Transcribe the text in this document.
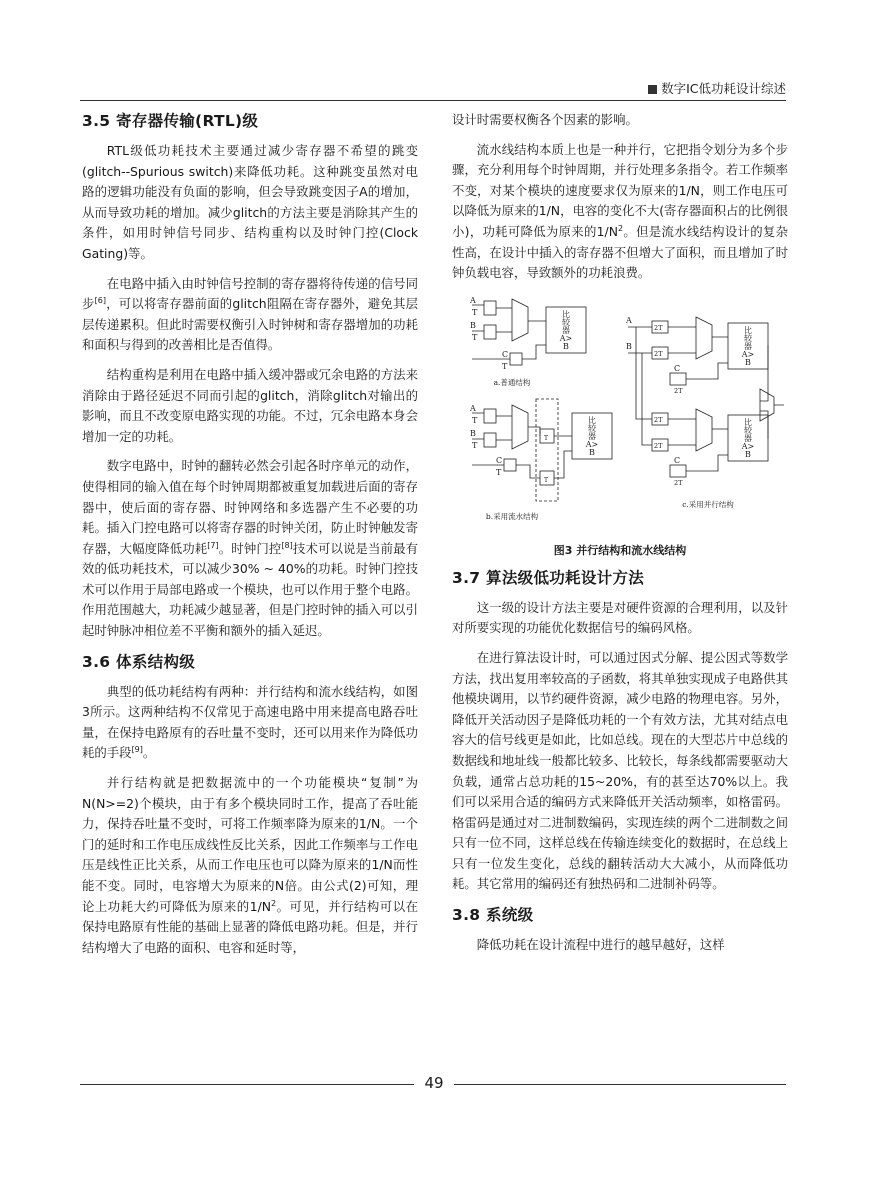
数字IC低功耗设计综述
3.5 寄存器传输(RTL)级

RTL级低功耗技术主要通过减少寄存器不希望的跳变(glitch--Spurious switch)来降低功耗。这种跳变虽然对电路的逻辑功能没有负面的影响，但会导致跳变因子A的增加，从而导致功耗的增加。减少glitch的方法主要是消除其产生的条件，如用时钟信号同步、结构重构以及时钟门控(Clock Gating)等。

在电路中插入由时钟信号控制的寄存器将待传递的信号同步[6]，可以将寄存器前面的glitch阻隔在寄存器外，避免其层层传递累积。但此时需要权衡引入时钟树和寄存器增加的功耗和面积与得到的改善相比是否值得。

结构重构是利用在电路中插入缓冲器或冗余电路的方法来消除由于路径延迟不同而引起的glitch，消除glitch对输出的影响，而且不改变原电路实现的功能。不过，冗余电路本身会增加一定的功耗。

数字电路中，时钟的翻转必然会引起各时序单元的动作，使得相同的输入值在每个时钟周期都被重复加载进后面的寄存器中，使后面的寄存器、时钟网络和多选器产生不必要的功耗。插入门控电路可以将寄存器的时钟关闭，防止时钟触发寄存器，大幅度降低功耗[7]。时钟门控[8]技术可以说是当前最有效的低功耗技术，可以减少30% ~ 40%的功耗。时钟门控技术可以作用于局部电路或一个模块，也可以作用于整个电路。作用范围越大，功耗减少越显著，但是门控时钟的插入可以引起时钟脉冲相位差不平衡和额外的插入延迟。

3.6 体系结构级

典型的低功耗结构有两种：并行结构和流水线结构，如图3所示。这两种结构不仅常见于高速电路中用来提高电路吞吐量，在保持电路原有的吞吐量不变时，还可以用来作为降低功耗的手段[9]。

并行结构就是把数据流中的一个功能模块“复制”为N(N>=2)个模块，由于有多个模块同时工作，提高了吞吐能力，保持吞吐量不变时，可将工作频率降为原来的1/N。一个门的延时和工作电压成线性反比关系，因此工作频率与工作电压是线性正比关系，从而工作电压也可以降为原来的1/N而性能不变。同时，电容增大为原来的N倍。由公式(2)可知，理论上功耗大约可降低为原来的$1/N^2$。可见，并行结构可以在保持电路原有性能的基础上显著的降低电路功耗。但是，并行结构增大了电路的面积、电容和延时等，

设计时需要权衡各个因素的影响。

流水线结构本质上也是一种并行，它把指令划分为多个步骤，充分利用每个时钟周期，并行处理多条指令。若工作频率不变，对某个模块的速度要求仅为原来的1/N，则工作电压可以降低为原来的1/N，电容的变化不大(寄存器面积占的比例很小)，功耗可降低为原来的$1/N^2$。但是流水线结构设计的复杂性高，在设计中插入的寄存器不但增大了面积，而且增加了时钟负载电容，导致额外的功耗浪费。

A
T
B
T
C
T
比
较
器
A>
B
a.普通结构
A
T
B
T
C
T
T
T
比
较
器
A>
B
b.采用流水结构
A
B
2T
2T
C
2T
2T
2T
C
2T
比
较
器
A>
B
比
较
器
A>
B
c.采用并行结构
图3 并行结构和流水线结构
3.7 算法级低功耗设计方法

这一级的设计方法主要是对硬件资源的合理利用，以及针对所要实现的功能优化数据信号的编码风格。

在进行算法设计时，可以通过因式分解、提公因式等数学方法，找出复用率较高的子函数，将其单独实现成子电路供其他模块调用，以节约硬件资源，减少电路的物理电容。另外，降低开关活动因子是降低功耗的一个有效方法，尤其对结点电容大的信号线更是如此，比如总线。现在的大型芯片中总线的数据线和地址线一般都比较多、比较长，每条线都需要驱动大负载，通常占总功耗的15~20%，有的甚至达70%以上。我们可以采用合适的编码方式来降低开关活动频率，如格雷码。格雷码是通过对二进制数编码，实现连续的两个二进制数之间只有一位不同，这样总线在传输连续变化的数据时，在总线上只有一位发生变化，总线的翻转活动大大减小，从而降低功耗。其它常用的编码还有独热码和二进制补码等。

3.8 系统级

降低功耗在设计流程中进行的越早越好，这样

49
